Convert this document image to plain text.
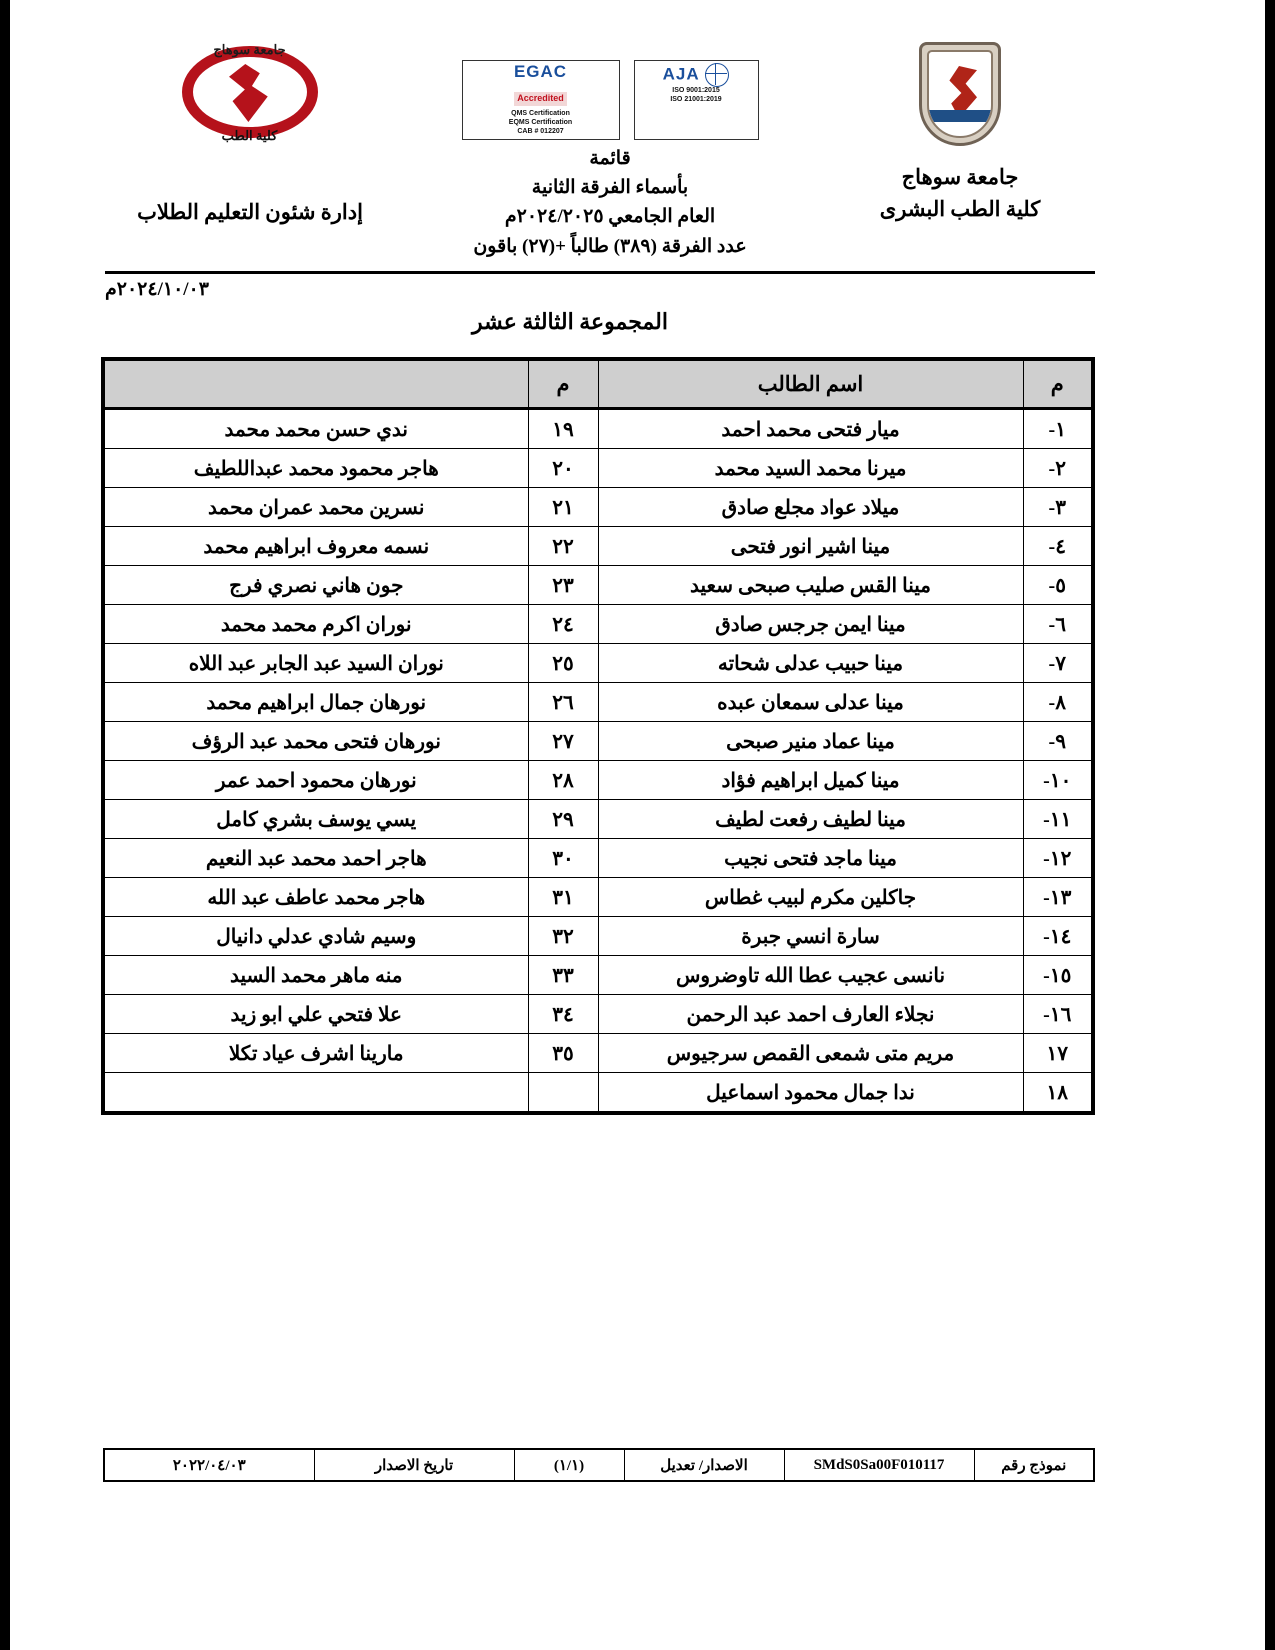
جامعة سوهاج
كلية الطب البشرى
EGAC
Accredited
QMS Certification
EQMS Certification
CAB # 012207
AJA
ISO 9001:2015
ISO 21001:2019
قائمة
بأسماء الفرقة الثانية
العام الجامعي ٢٠٢٤/٢٠٢٥م
عدد الفرقة (٣٨٩) طالباً +(٢٧) باقون
جامعة سوهاج
كلية الطب
إدارة شئون التعليم الطلاب
٢٠٢٤/١٠/٠٣م
المجموعة الثالثة عشر
م	اسم الطالب	م	
١-	ميار فتحى محمد احمد	١٩	ندي حسن محمد محمد
٢-	ميرنا محمد السيد محمد	٢٠	هاجر محمود محمد عبداللطيف
٣-	ميلاد عواد مجلع صادق	٢١	نسرين محمد عمران محمد
٤-	مينا اشير انور فتحى	٢٢	نسمه معروف ابراهيم محمد
٥-	مينا القس صليب صبحى سعيد	٢٣	جون هاني نصري فرج
٦-	مينا ايمن جرجس صادق	٢٤	نوران اكرم محمد محمد
٧-	مينا حبيب عدلى شحاته	٢٥	نوران السيد عبد الجابر عبد اللاه
٨-	مينا عدلى سمعان عبده	٢٦	نورهان جمال ابراهيم محمد
٩-	مينا عماد منير صبحى	٢٧	نورهان فتحى محمد عبد الرؤف
١٠-	مينا كميل ابراهيم فؤاد	٢٨	نورهان محمود احمد عمر
١١-	مينا لطيف رفعت لطيف	٢٩	يسي يوسف بشري كامل
١٢-	مينا ماجد فتحى نجيب	٣٠	هاجر احمد محمد عبد النعيم
١٣-	جاكلين مكرم لبيب غطاس	٣١	هاجر محمد عاطف عبد الله
١٤-	سارة انسي جبرة	٣٢	وسيم شادي عدلي دانيال
١٥-	نانسى عجيب عطا الله تاوضروس	٣٣	منه ماهر محمد السيد
١٦-	نجلاء العارف احمد عبد الرحمن	٣٤	علا فتحي علي ابو زيد
١٧	مريم متى شمعى القمص سرجيوس	٣٥	مارينا اشرف عياد تكلا
١٨	ندا جمال محمود اسماعيل		
نموذج رقم	SMdS0Sa00F010117	الاصدار/ تعديل	(١/١)	تاريخ الاصدار	٢٠٢٢/٠٤/٠٣
